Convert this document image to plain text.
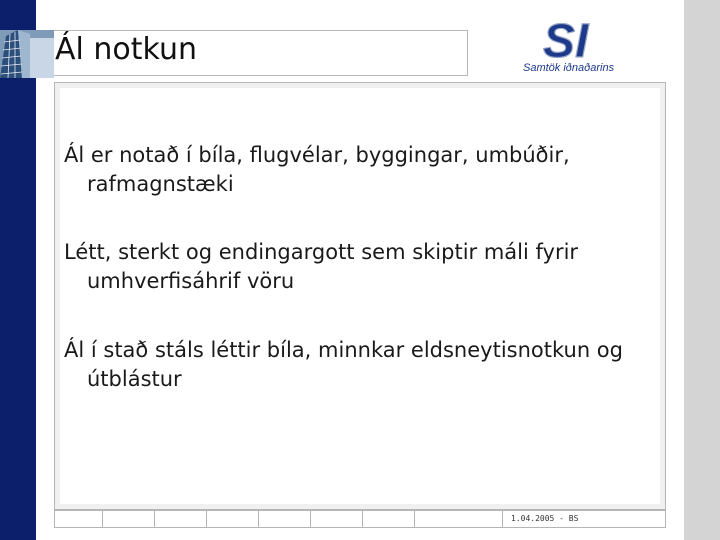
Ál notkun	SI
Samtök iðnaðarins
Ál er notað í bíla, flugvélar, byggingar, umbúðir, rafmagnstæki
Létt, sterkt og endingargott sem skiptir máli fyrir umhverfisáhrif vöru
Ál í stað stáls léttir bíla, minnkar eldsneytisnotkun og útblástur
1.04.2005 - BS
